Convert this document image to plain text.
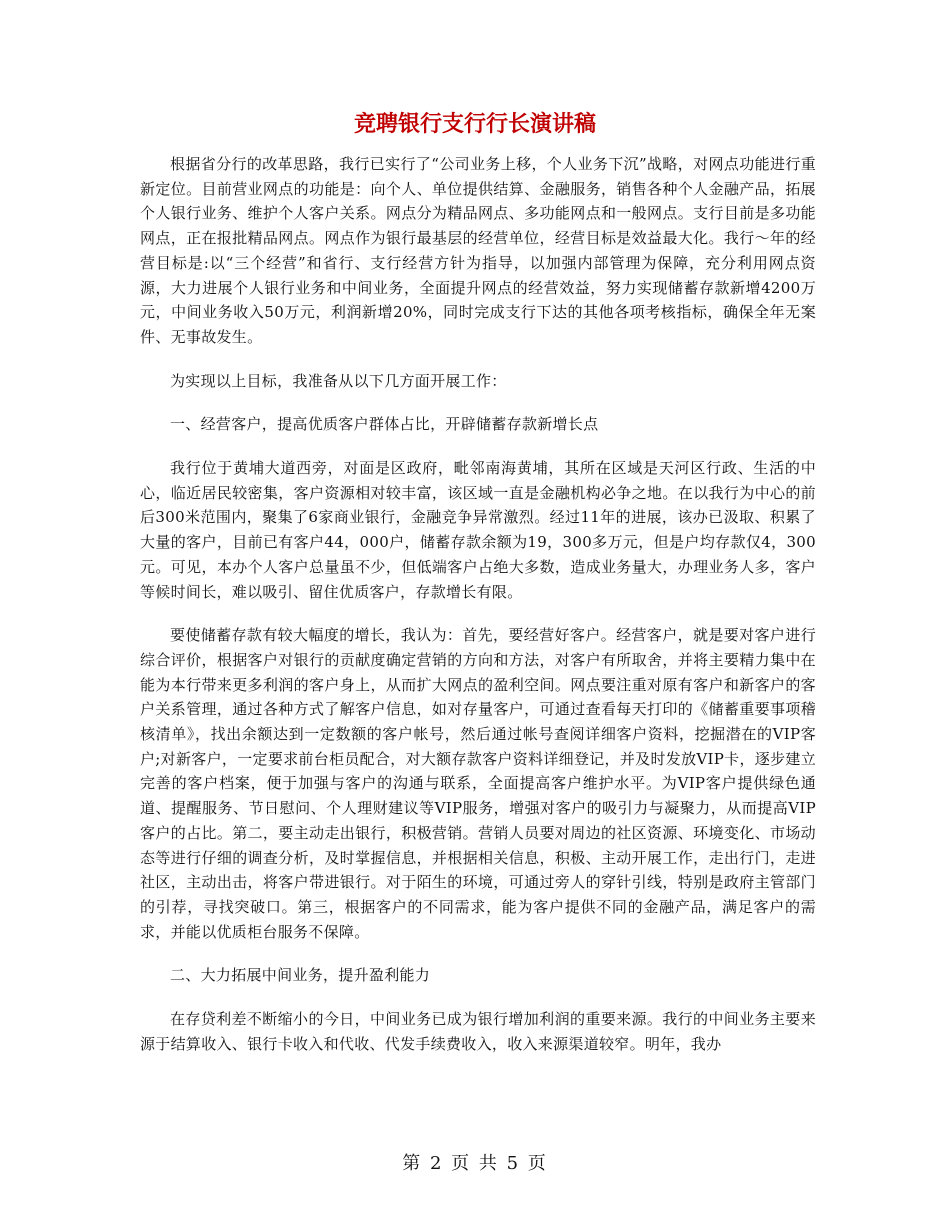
竞聘银行支行行长演讲稿

根据省分行的改革思路，我行已实行了“公司业务上移，个人业务下沉”战略，对网点功能进行重新定位。目前营业网点的功能是：向个人、单位提供结算、金融服务，销售各种个人金融产品，拓展个人银行业务、维护个人客户关系。网点分为精品网点、多功能网点和一般网点。支行目前是多功能网点，正在报批精品网点。网点作为银行最基层的经营单位，经营目标是效益最大化。我行～年的经营目标是:以“三个经营”和省行、支行经营方针为指导，以加强内部管理为保障，充分利用网点资源，大力进展个人银行业务和中间业务，全面提升网点的经营效益，努力实现储蓄存款新增4200万元，中间业务收入50万元，利润新增20%，同时完成支行下达的其他各项考核指标，确保全年无案件、无事故发生。

为实现以上目标，我准备从以下几方面开展工作：

一、经营客户，提高优质客户群体占比，开辟储蓄存款新增长点

我行位于黄埔大道西旁，对面是区政府，毗邻南海黄埔，其所在区域是天河区行政、生活的中心，临近居民较密集，客户资源相对较丰富，该区域一直是金融机构必争之地。在以我行为中心的前后300米范围内，聚集了6家商业银行，金融竞争异常激烈。经过11年的进展，该办已汲取、积累了大量的客户，目前已有客户44，000户，储蓄存款余额为19，300多万元，但是户均存款仅4，300元。可见，本办个人客户总量虽不少，但低端客户占绝大多数，造成业务量大，办理业务人多，客户等候时间长，难以吸引、留住优质客户，存款增长有限。

要使储蓄存款有较大幅度的增长，我认为：首先，要经营好客户。经营客户，就是要对客户进行综合评价，根据客户对银行的贡献度确定营销的方向和方法，对客户有所取舍，并将主要精力集中在能为本行带来更多利润的客户身上，从而扩大网点的盈利空间。网点要注重对原有客户和新客户的客户关系管理，通过各种方式了解客户信息，如对存量客户，可通过查看每天打印的《储蓄重要事项稽核清单》，找出余额达到一定数额的客户帐号，然后通过帐号查阅详细客户资料，挖掘潜在的VIP客户;对新客户，一定要求前台柜员配合，对大额存款客户资料详细登记，并及时发放VIP卡，逐步建立完善的客户档案，便于加强与客户的沟通与联系，全面提高客户维护水平。为VIP客户提供绿色通道、提醒服务、节日慰问、个人理财建议等VIP服务，增强对客户的吸引力与凝聚力，从而提高VIP客户的占比。第二，要主动走出银行，积极营销。营销人员要对周边的社区资源、环境变化、市场动态等进行仔细的调查分析，及时掌握信息，并根据相关信息，积极、主动开展工作，走出行门，走进社区，主动出击，将客户带进银行。对于陌生的环境，可通过旁人的穿针引线，特别是政府主管部门的引荐，寻找突破口。第三，根据客户的不同需求，能为客户提供不同的金融产品，满足客户的需求，并能以优质柜台服务不保障。

二、大力拓展中间业务，提升盈利能力

在存贷利差不断缩小的今日，中间业务已成为银行增加利润的重要来源。我行的中间业务主要来源于结算收入、银行卡收入和代收、代发手续费收入，收入来源渠道较窄。明年，我办

第 2 页 共 5 页
